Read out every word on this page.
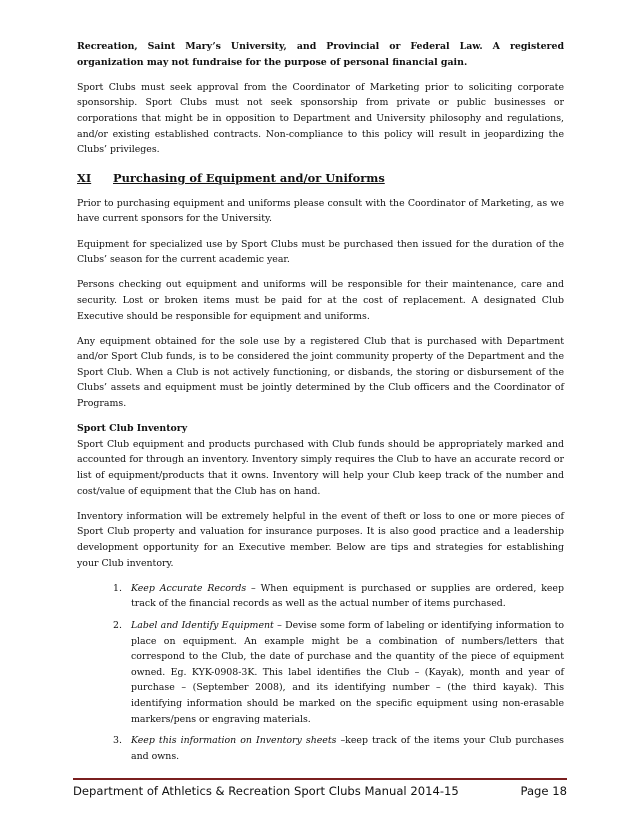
Recreation, Saint Mary’s University, and Provincial or Federal Law. A registered organization may not fundraise for the purpose of personal financial gain.

Sport Clubs must seek approval from the Coordinator of Marketing prior to soliciting corporate sponsorship. Sport Clubs must not seek sponsorship from private or public businesses or corporations that might be in opposition to Department and University philosophy and regulations, and/or existing established contracts. Non-compliance to this policy will result in jeopardizing the Clubs’ privileges.

XI	Purchasing of Equipment and/or Uniforms

Prior to purchasing equipment and uniforms please consult with the Coordinator of Marketing, as we have current sponsors for the University.

Equipment for specialized use by Sport Clubs must be purchased then issued for the duration of the Clubs’ season for the current academic year.

Persons checking out equipment and uniforms will be responsible for their maintenance, care and security. Lost or broken items must be paid for at the cost of replacement. A designated Club Executive should be responsible for equipment and uniforms.

Any equipment obtained for the sole use by a registered Club that is purchased with Department and/or Sport Club funds, is to be considered the joint community property of the Department and the Sport Club. When a Club is not actively functioning, or disbands, the storing or disbursement of the Clubs’ assets and equipment must be jointly determined by the Club officers and the Coordinator of Programs.

Sport Club Inventory

Sport Club equipment and products purchased with Club funds should be appropriately marked and accounted for through an inventory. Inventory simply requires the Club to have an accurate record or list of equipment/products that it owns. Inventory will help your Club keep track of the number and cost/value of equipment that the Club has on hand.

Inventory information will be extremely helpful in the event of theft or loss to one or more pieces of Sport Club property and valuation for insurance purposes. It is also good practice and a leadership development opportunity for an Executive member. Below are tips and strategies for establishing your Club inventory.

1. Keep Accurate Records – When equipment is purchased or supplies are ordered, keep track of the financial records as well as the actual number of items purchased.
2. Label and Identify Equipment – Devise some form of labeling or identifying information to place on equipment. An example might be a combination of numbers/letters that correspond to the Club, the date of purchase and the quantity of the piece of equipment owned. Eg. KYK-0908-3K. This label identifies the Club – (Kayak), month and year of purchase – (September 2008), and its identifying number – (the third kayak). This identifying information should be marked on the specific equipment using non-erasable markers/pens or engraving materials.
3. Keep this information on Inventory sheets –keep track of the items your Club purchases and owns.
Department of Athletics & Recreation Sport Clubs Manual 2014-15	Page 18
